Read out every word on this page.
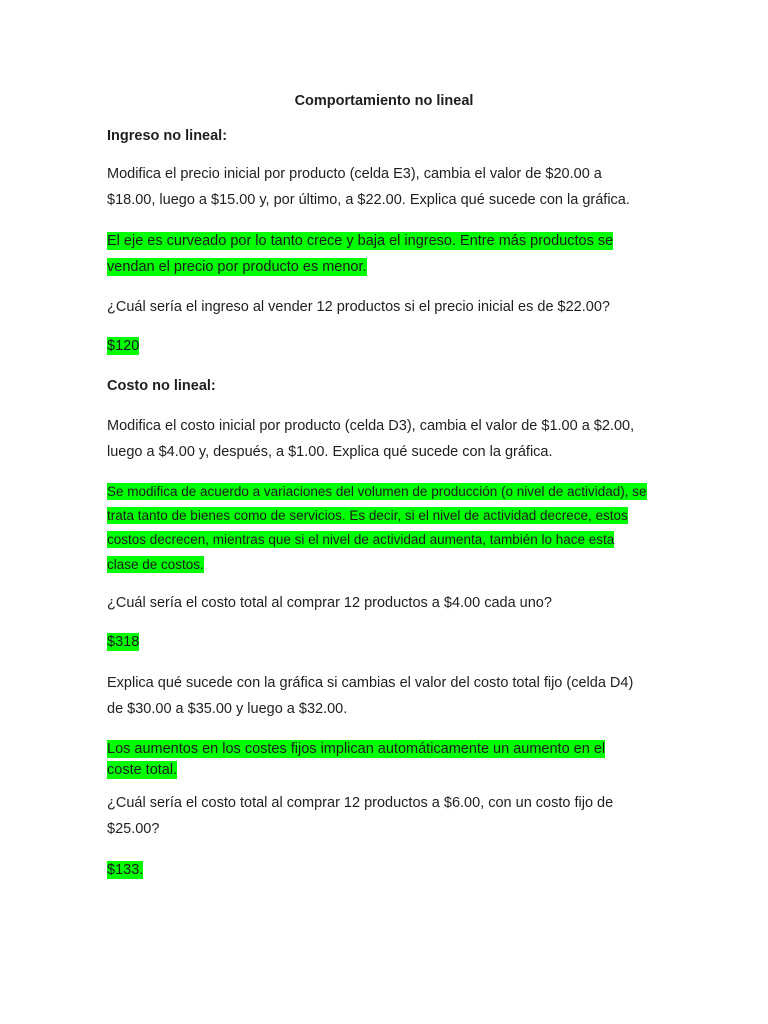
Comportamiento no lineal
Ingreso no lineal:
Modifica el precio inicial por producto (celda E3), cambia el valor de $20.00 a
$18.00, luego a $15.00 y, por último, a $22.00. Explica qué sucede con la gráfica.
El eje es curveado por lo tanto crece y baja el ingreso. Entre más productos se
vendan el precio por producto es menor.
¿Cuál sería el ingreso al vender 12 productos si el precio inicial es de $22.00?
$120
Costo no lineal:
Modifica el costo inicial por producto (celda D3), cambia el valor de $1.00 a $2.00,
luego a $4.00 y, después, a $1.00. Explica qué sucede con la gráfica.
Se modifica de acuerdo a variaciones del volumen de producción (o nivel de actividad), se
trata tanto de bienes como de servicios. Es decir, si el nivel de actividad decrece, estos
costos decrecen, mientras que si el nivel de actividad aumenta, también lo hace esta
clase de costos.
¿Cuál sería el costo total al comprar 12 productos a $4.00 cada uno?
$318
Explica qué sucede con la gráfica si cambias el valor del costo total fijo (celda D4)
de $30.00 a $35.00 y luego a $32.00.
Los aumentos en los costes fijos implican automáticamente un aumento en el
coste total.
¿Cuál sería el costo total al comprar 12 productos a $6.00, con un costo fijo de
$25.00?
$133.
